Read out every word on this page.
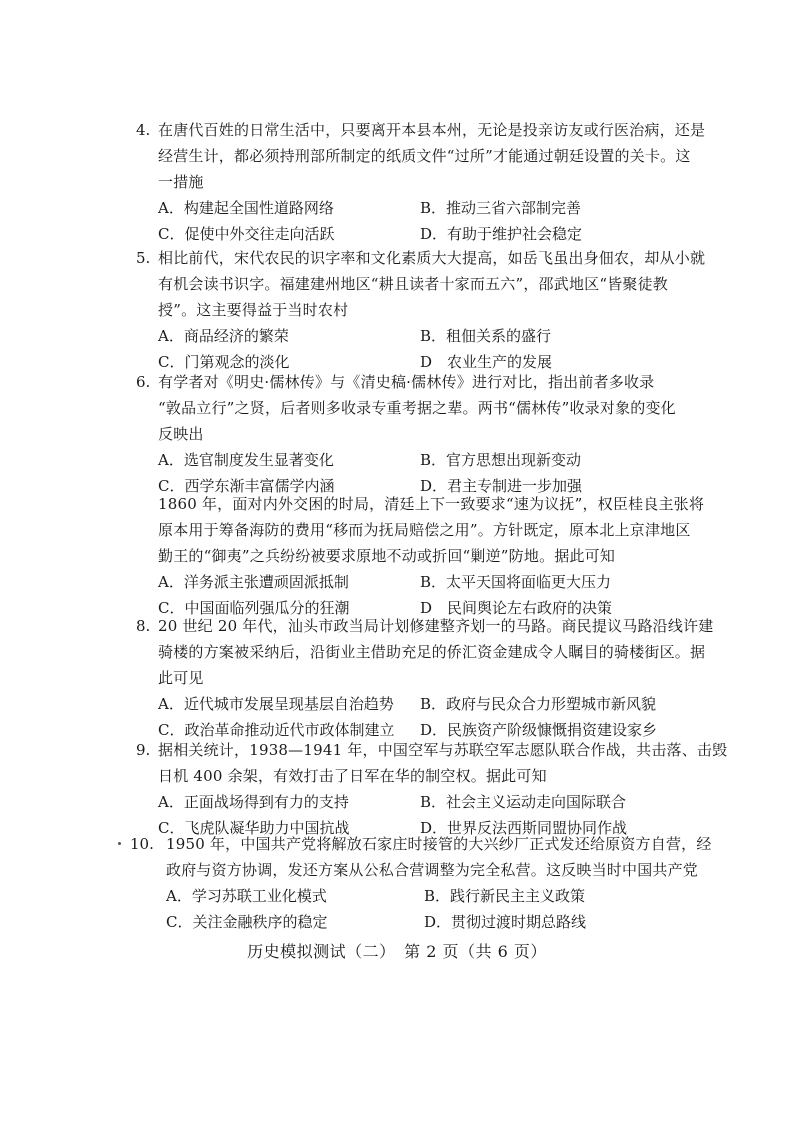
4. 在唐代百姓的日常生活中，只要离开本县本州，无论是投亲访友或行医治病，还是
经营生计，都必须持刑部所制定的纸质文件“过所”才能通过朝廷设置的关卡。这
一措施
A．构建起全国性道路网络	B．推动三省六部制完善
C．促使中外交往走向活跃	D．有助于维护社会稳定
5. 相比前代，宋代农民的识字率和文化素质大大提高，如岳飞虽出身佃农，却从小就
有机会读书识字。福建建州地区“耕且读者十家而五六”，邵武地区“皆聚徒教
授”。这主要得益于当时农村
A．商品经济的繁荣	B．租佃关系的盛行
C．门第观念的淡化	D　农业生产的发展
6. 有学者对《明史·儒林传》与《清史稿·儒林传》进行对比，指出前者多收录
“敦品立行”之贤，后者则多收录专重考据之辈。两书“儒林传”收录对象的变化
反映出
A．选官制度发生显著变化	B．官方思想出现新变动
C．西学东渐丰富儒学内涵	D．君主专制进一步加强
1860 年，面对内外交困的时局，清廷上下一致要求“速为议抚”，权臣桂良主张将
原本用于筹备海防的费用“移而为抚局赔偿之用”。方针既定，原本北上京津地区
勤王的“御夷”之兵纷纷被要求原地不动或折回“剿逆”防地。据此可知
A．洋务派主张遭顽固派抵制	B．太平天国将面临更大压力
C．中国面临列强瓜分的狂潮	D　民间舆论左右政府的决策
8. 20 世纪 20 年代，汕头市政当局计划修建整齐划一的马路。商民提议马路沿线许建
骑楼的方案被采纳后，沿街业主借助充足的侨汇资金建成令人瞩目的骑楼街区。据
此可见
A．近代城市发展呈现基层自治趋势 B．政府与民众合力形塑城市新风貌
C．政治革命推动近代市政体制建立 D．民族资产阶级慷慨捐资建设家乡
9. 据相关统计，1938—1941 年，中国空军与苏联空军志愿队联合作战，共击落、击毁
日机 400 余架，有效打击了日军在华的制空权。据此可知
A．正面战场得到有力的支持	B．社会主义运动走向国际联合
C．飞虎队凝华助力中国抗战	D．世界反法西斯同盟协同作战
10. 1950 年，中国共产党将解放石家庄时接管的大兴纱厂正式发还给原资方自营，经
政府与资方协调，发还方案从公私合营调整为完全私营。这反映当时中国共产党
A．学习苏联工业化模式	B．践行新民主主义政策
C．关注金融秩序的稳定	D．贯彻过渡时期总路线
历史模拟测试（二）　第 2 页（共 6 页）
